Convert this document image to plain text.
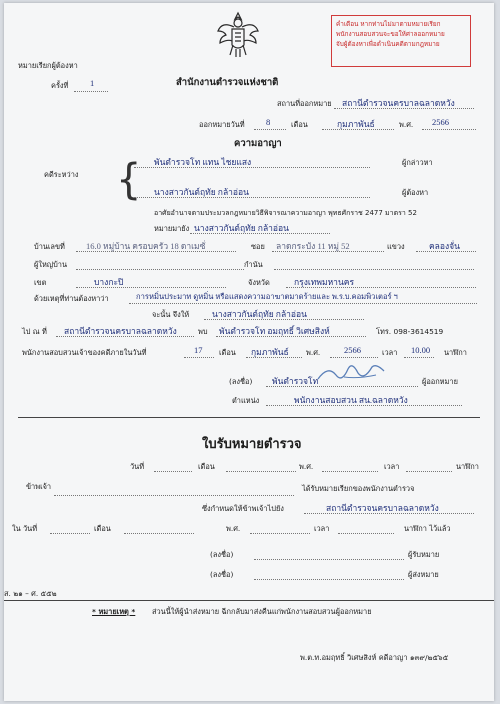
คำเตือน หากท่านไม่มาตามหมายเรียก
พนักงานสอบสวนจะขอให้ศาลออกหมาย
จับผู้ต้องหาเพื่อดำเนินคดีตามกฎหมาย
หมายเรียกผู้ต้องหา
ครั้งที่	1	สำนักงานตำรวจแห่งชาติ
สถานที่ออกหมาย สถานีตำรวจนครบาลฉลาดหวัง
ออกหมายวันที่	8	เดือน	กุมภาพันธ์	พ.ศ. 2566
ความอาญา
คดีระหว่าง { พันตำรวจโท แทน ไชยแสง	ผู้กล่าวหา
นางสาวกันต์ฤทัย กล้าอ่อน	ผู้ต้องหา
อาศัยอำนาจตามประมวลกฎหมายวิธีพิจารณาความอาญา พุทธศักราช 2477 มาตรา 52
หมายมายัง นางสาวกันต์ฤทัย กล้าอ่อน
บ้านเลขที่ 16.0 หมู่บ้าน ครอบครัว 18 ดาเมซั่	ซอย ลาดกระบัง 11 หมู่ 52	แขวง	คลองจั่น
ผู้ใหญ่บ้าน	กำนัน
เขต	บางกะปิ	จังหวัด	กรุงเทพมหานคร
ด้วยเหตุที่ท่านต้องหาว่า	การหมิ่นประมาท ดูหมิ่น หรือแสดงความอาฆาตมาดร้ายและ พ.ร.บ.คอมพิวเตอร์ ฯ
จะนั้น จึงให้	นางสาวกันต์ฤทัย กล้าอ่อน
ไป ณ ที่ สถานีตำรวจนครบาลฉลาดหวัง	พบ พันตำรวจโท อมฤทธิ์ วิเศษสิงห์	โทร. 098-3614519
พนักงานสอบสวนเจ้าของคดีภายในวันที่	17 เดือน กุมภาพันธ์ พ.ศ.	2566	เวลา 10.00 นาฬิกา
(ลงชื่อ) พันตำรวจโท	ผู้ออกหมาย
ตำแหน่ง	พนักงานสอบสวน สน.ฉลาดหวัง
ใบรับหมายตำรวจ
วันที่	เดือน	พ.ศ.	เวลา	นาฬิกา
ข้าพเจ้า	ได้รับหมายเรียกของพนักงานตำรวจ
ซึ่งกำหนดให้ข้าพเจ้าไปยัง	สถานีตำรวจนครบาลฉลาดหวัง
ใน วันที่	เดือน	พ.ศ.	เวลา	นาฬิกา ไว้แล้ว
(ลงชื่อ)	ผู้รับหมาย
(ลงชื่อ)	ผู้ส่งหมาย
ส. ๒๑ – ศ. ๕๕๒
* หมายเหตุ * ส่วนนี้ให้ผู้นำส่งหมาย ฉีกกลับมาส่งคืนแก่พนักงานสอบสวนผู้ออกหมาย
พ.ต.ท.อมฤทธิ์ วิเศษสิงห์ คดีอาญา ๑๓๙/๒๕๖๕
